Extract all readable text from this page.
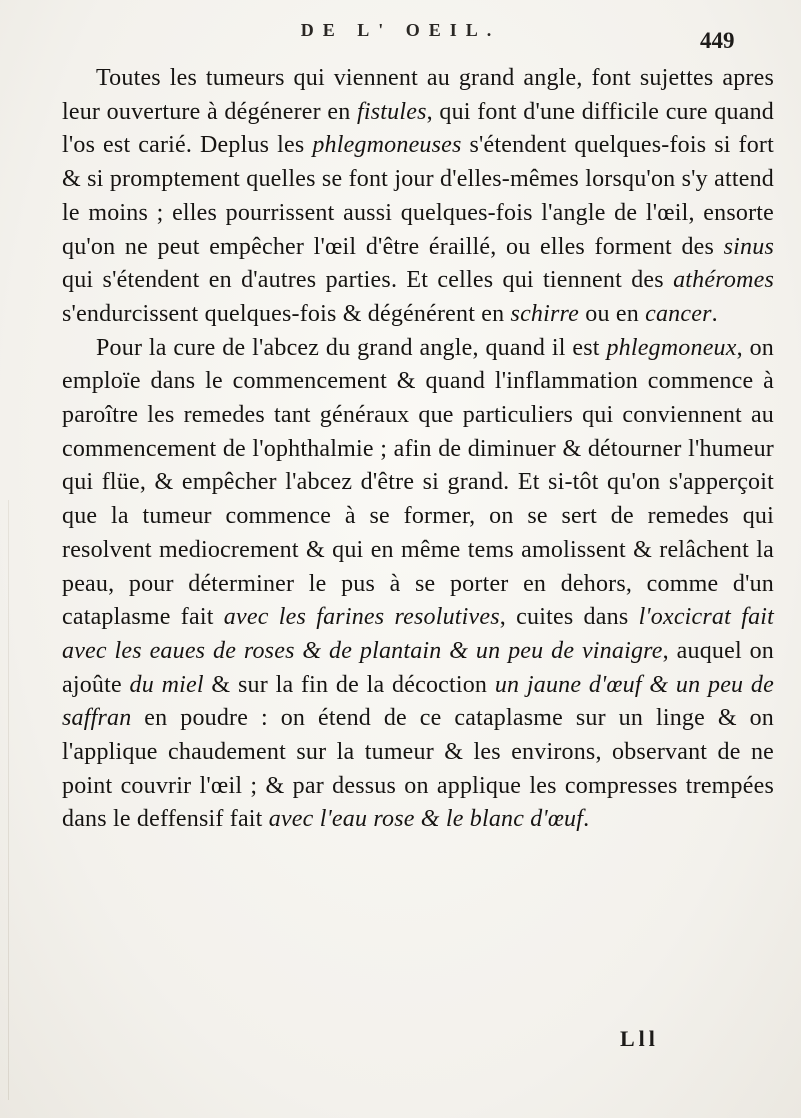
DE L' OEIL.	449

Toutes les tumeurs qui viennent au grand angle, font sujettes apres leur ouverture à dégénerer en fistules, qui font d'une difficile cure quand l'os est carié. Deplus les phlegmoneuses s'étendent quelques-fois si fort & si promptement quelles se font jour d'elles-mêmes lorsqu'on s'y attend le moins ; elles pourrissent aussi quelques-fois l'angle de l'œil, ensorte qu'on ne peut empêcher l'œil d'être éraillé, ou elles forment des sinus qui s'étendent en d'autres parties. Et celles qui tiennent des athéromes s'endurcissent quelques-fois & dégénérent en schirre ou en cancer.

Pour la cure de l'abcez du grand angle, quand il est phlegmoneux, on emploïe dans le commencement & quand l'inflammation commence à paroître les remedes tant généraux que particuliers qui conviennent au commencement de l'ophthalmie ; afin de diminuer & détourner l'humeur qui flüe, & empêcher l'abcez d'être si grand. Et si-tôt qu'on s'apperçoit que la tumeur commence à se former, on se sert de remedes qui resolvent mediocrement & qui en même tems amolissent & relâchent la peau, pour déterminer le pus à se porter en dehors, comme d'un cataplasme fait avec les farines resolutives, cuites dans l'oxcicrat fait avec les eaues de roses & de plantain & un peu de vinaigre, auquel on ajoûte du miel & sur la fin de la décoction un jaune d'œuf & un peu de saffran en poudre : on étend de ce cataplasme sur un linge & on l'applique chaudement sur la tumeur & les environs, observant de ne point couvrir l'œil ; & par dessus on applique les compresses trempées dans le deffensif fait avec l'eau rose & le blanc d'œuf.

Lll
